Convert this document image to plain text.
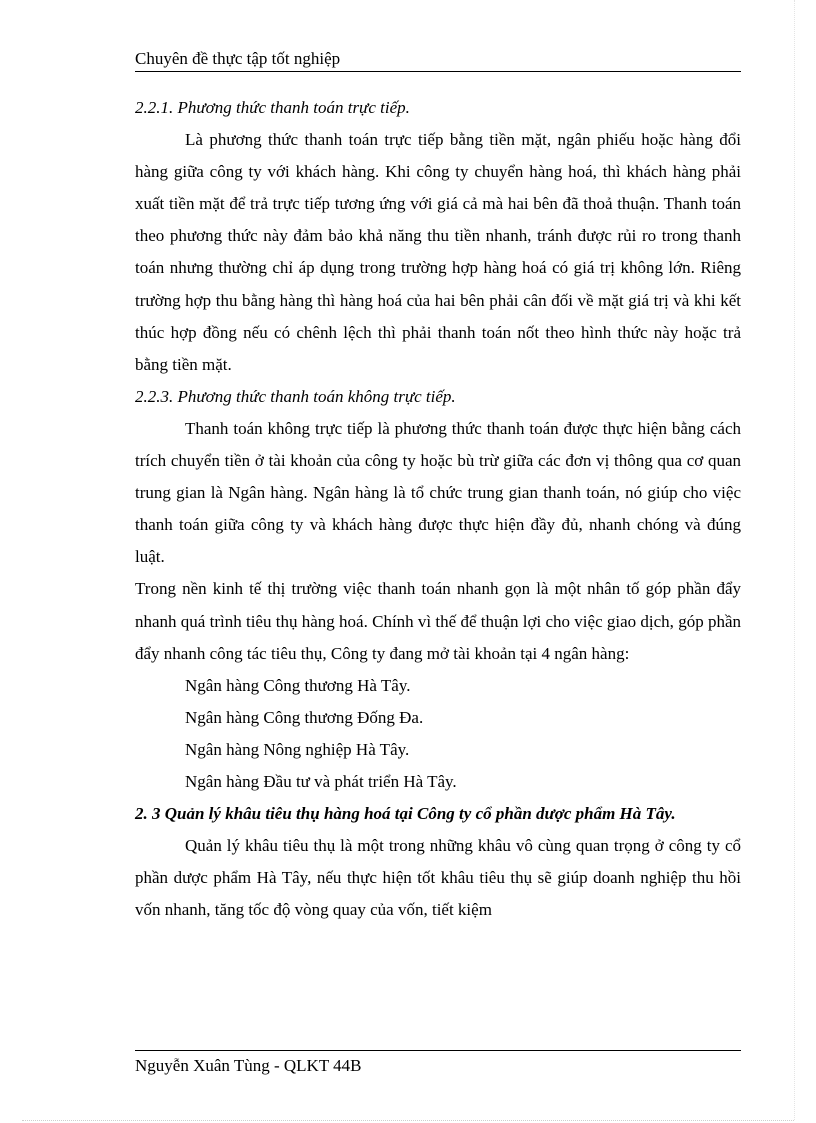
Chuyên đề thực tập tốt nghiệp

2.2.1. Phương thức thanh toán trực tiếp.

Là phương thức thanh toán trực tiếp bằng tiền mặt, ngân phiếu hoặc hàng đổi hàng giữa công ty với khách hàng. Khi công ty chuyển hàng hoá, thì khách hàng phải xuất tiền mặt để trả trực tiếp tương ứng với giá cả mà hai bên đã thoả thuận. Thanh toán theo phương thức này đảm bảo khả năng thu tiền nhanh, tránh được rủi ro trong thanh toán nhưng thường chỉ áp dụng trong trường hợp hàng hoá có giá trị không lớn. Riêng trường hợp thu bằng hàng thì hàng hoá của hai bên phải cân đối về mặt giá trị và khi kết thúc hợp đồng nếu có chênh lệch thì phải thanh toán nốt theo hình thức này hoặc trả bằng tiền mặt.

2.2.3. Phương thức thanh toán không trực tiếp.

Thanh toán không trực tiếp là phương thức thanh toán được thực hiện bằng cách trích chuyển tiền ở tài khoản của công ty hoặc bù trừ giữa các đơn vị thông qua cơ quan trung gian là Ngân hàng. Ngân hàng là tổ chức trung gian thanh toán, nó giúp cho việc thanh toán giữa công ty và khách hàng được thực hiện đầy đủ, nhanh chóng và đúng luật.

Trong nền kinh tế thị trường việc thanh toán nhanh gọn là một nhân tố góp phần đẩy nhanh quá trình tiêu thụ hàng hoá. Chính vì thế để thuận lợi cho việc giao dịch, góp phần đẩy nhanh công tác tiêu thụ, Công ty đang mở tài khoản tại 4 ngân hàng:

Ngân hàng Công thương Hà Tây.

Ngân hàng Công thương Đống Đa.

Ngân hàng Nông nghiệp Hà Tây.

Ngân hàng Đầu tư và phát triển Hà Tây.

2. 3 Quản lý khâu tiêu thụ hàng hoá tại Công ty cổ phần dược phẩm Hà Tây.

Quản lý khâu tiêu thụ là một trong những khâu vô cùng quan trọng ở công ty cổ phần dược phẩm Hà Tây, nếu thực hiện tốt khâu tiêu thụ sẽ giúp doanh nghiệp thu hồi vốn nhanh, tăng tốc độ vòng quay của vốn, tiết kiệm

Nguyễn Xuân Tùng - QLKT 44B
